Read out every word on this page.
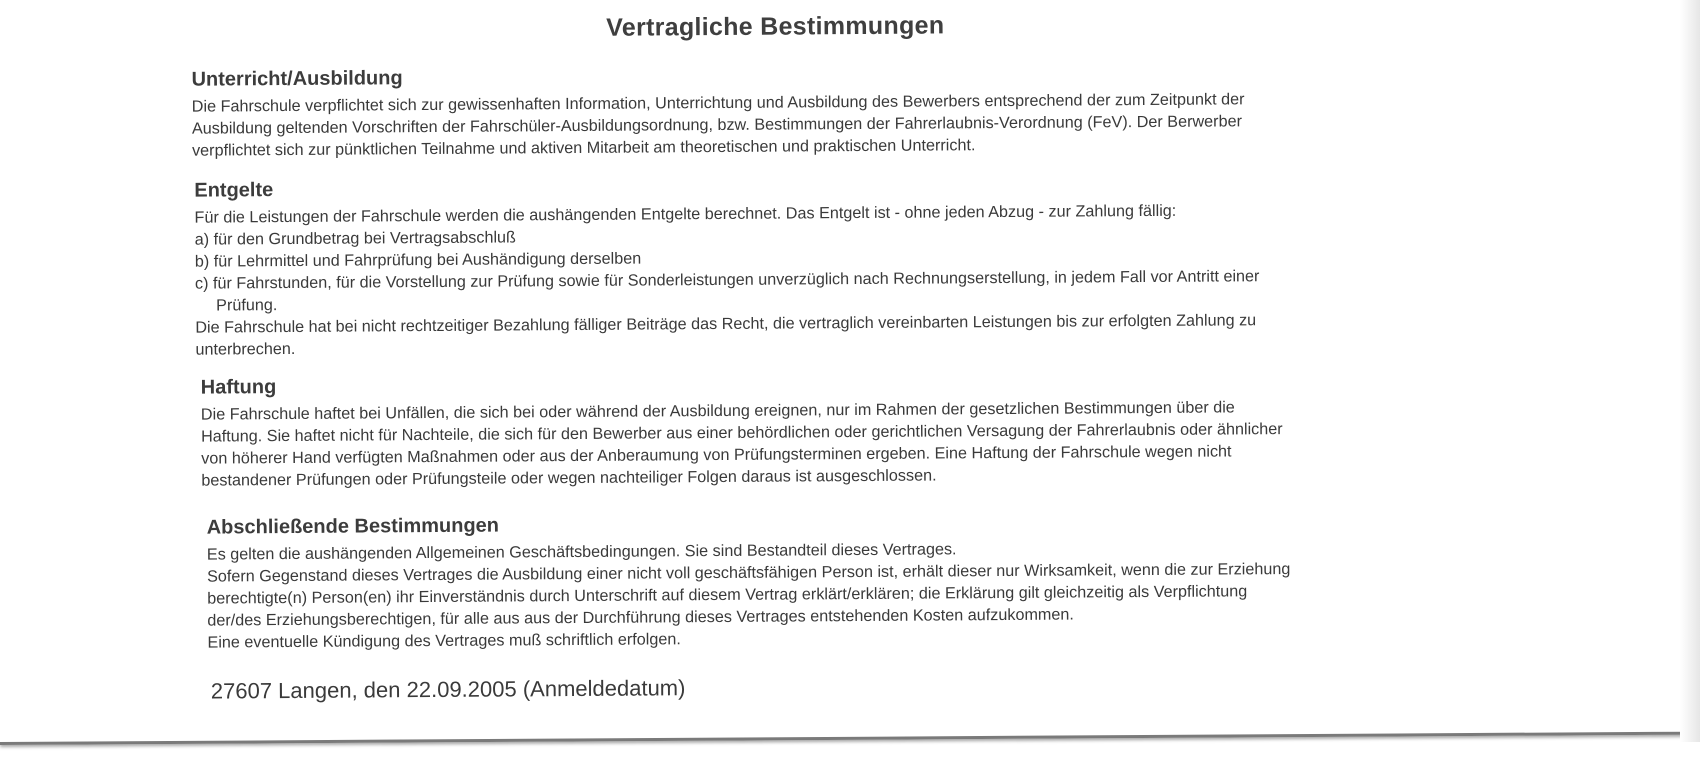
Vertragliche Bestimmungen
Unterricht/Ausbildung

Die Fahrschule verpflichtet sich zur gewissenhaften Information, Unterrichtung und Ausbildung des Bewerbers entsprechend der zum Zeitpunkt der

Ausbildung geltenden Vorschriften der Fahrschüler-Ausbildungsordnung, bzw. Bestimmungen der Fahrerlaubnis-Verordnung (FeV). Der Berwerber

verpflichtet sich zur pünktlichen Teilnahme und aktiven Mitarbeit am theoretischen und praktischen Unterricht.

Entgelte

Für die Leistungen der Fahrschule werden die aushängenden Entgelte berechnet. Das Entgelt ist - ohne jeden Abzug - zur Zahlung fällig:

a) für den Grundbetrag bei Vertragsabschluß

b) für Lehrmittel und Fahrprüfung bei Aushändigung derselben

c) für Fahrstunden, für die Vorstellung zur Prüfung sowie für Sonderleistungen unverzüglich nach Rechnungserstellung, in jedem Fall vor Antritt einer

Prüfung.

Die Fahrschule hat bei nicht rechtzeitiger Bezahlung fälliger Beiträge das Recht, die vertraglich vereinbarten Leistungen bis zur erfolgten Zahlung zu

unterbrechen.

Haftung

Die Fahrschule haftet bei Unfällen, die sich bei oder während der Ausbildung ereignen, nur im Rahmen der gesetzlichen Bestimmungen über die

Haftung. Sie haftet nicht für Nachteile, die sich für den Bewerber aus einer behördlichen oder gerichtlichen Versagung der Fahrerlaubnis oder ähnlicher

von höherer Hand verfügten Maßnahmen oder aus der Anberaumung von Prüfungsterminen ergeben. Eine Haftung der Fahrschule wegen nicht

bestandener Prüfungen oder Prüfungsteile oder wegen nachteiliger Folgen daraus ist ausgeschlossen.

Abschließende Bestimmungen

Es gelten die aushängenden Allgemeinen Geschäftsbedingungen. Sie sind Bestandteil dieses Vertrages.

Sofern Gegenstand dieses Vertrages die Ausbildung einer nicht voll geschäftsfähigen Person ist, erhält dieser nur Wirksamkeit, wenn die zur Erziehung

berechtigte(n) Person(en) ihr Einverständnis durch Unterschrift auf diesem Vertrag erklärt/erklären; die Erklärung gilt gleichzeitig als Verpflichtung

der/des Erziehungsberechtigen, für alle aus aus der Durchführung dieses Vertrages entstehenden Kosten aufzukommen.

Eine eventuelle Kündigung des Vertrages muß schriftlich erfolgen.

27607 Langen, den 22.09.2005 (Anmeldedatum)
